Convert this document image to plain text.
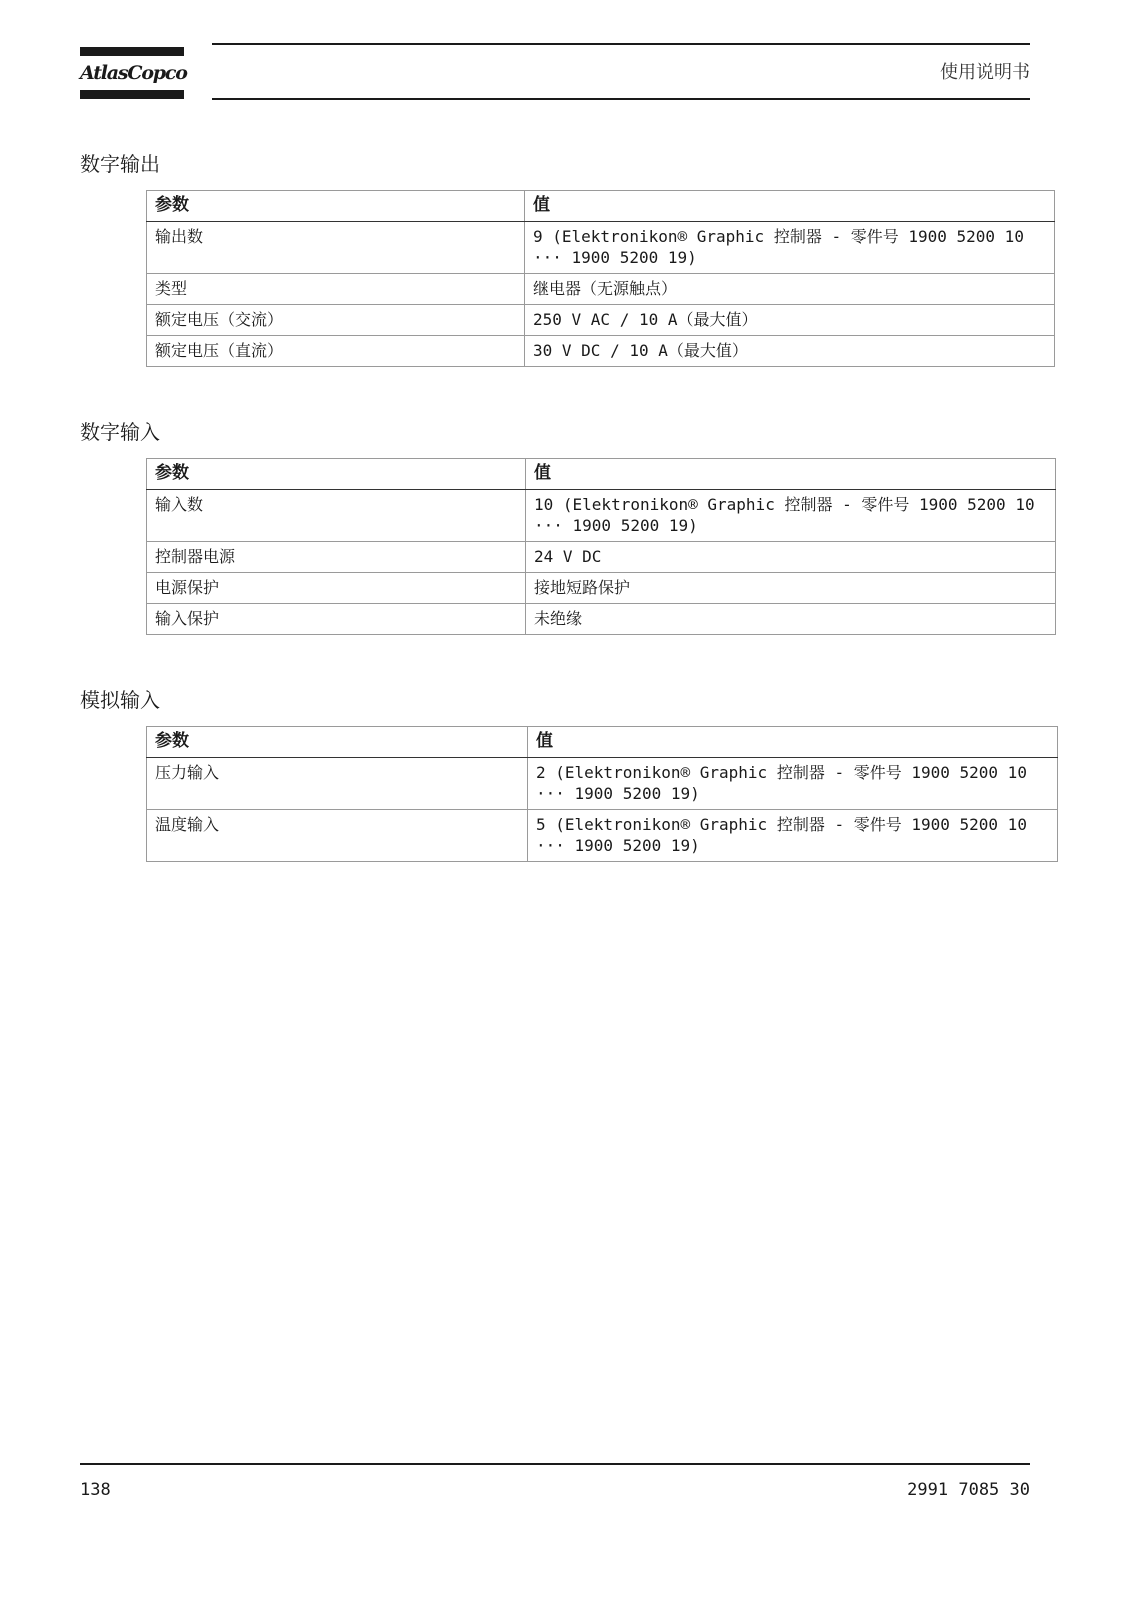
AtlasCopco	使用说明书
数字输出
参数	值
输出数	9 (Elektronikon® Graphic 控制器 - 零件号 1900 5200 10 ··· 1900 5200 19)
类型	继电器（无源触点）
额定电压（交流）	250 V AC / 10 A（最大值）
额定电压（直流）	30 V DC / 10 A（最大值）
数字输入
参数	值
输入数	10 (Elektronikon® Graphic 控制器 - 零件号 1900 5200 10 ··· 1900 5200 19)
控制器电源	24 V DC
电源保护	接地短路保护
输入保护	未绝缘
模拟输入
参数	值
压力输入	2 (Elektronikon® Graphic 控制器 - 零件号 1900 5200 10 ··· 1900 5200 19)
温度输入	5 (Elektronikon® Graphic 控制器 - 零件号 1900 5200 10 ··· 1900 5200 19)
138	2991 7085 30
